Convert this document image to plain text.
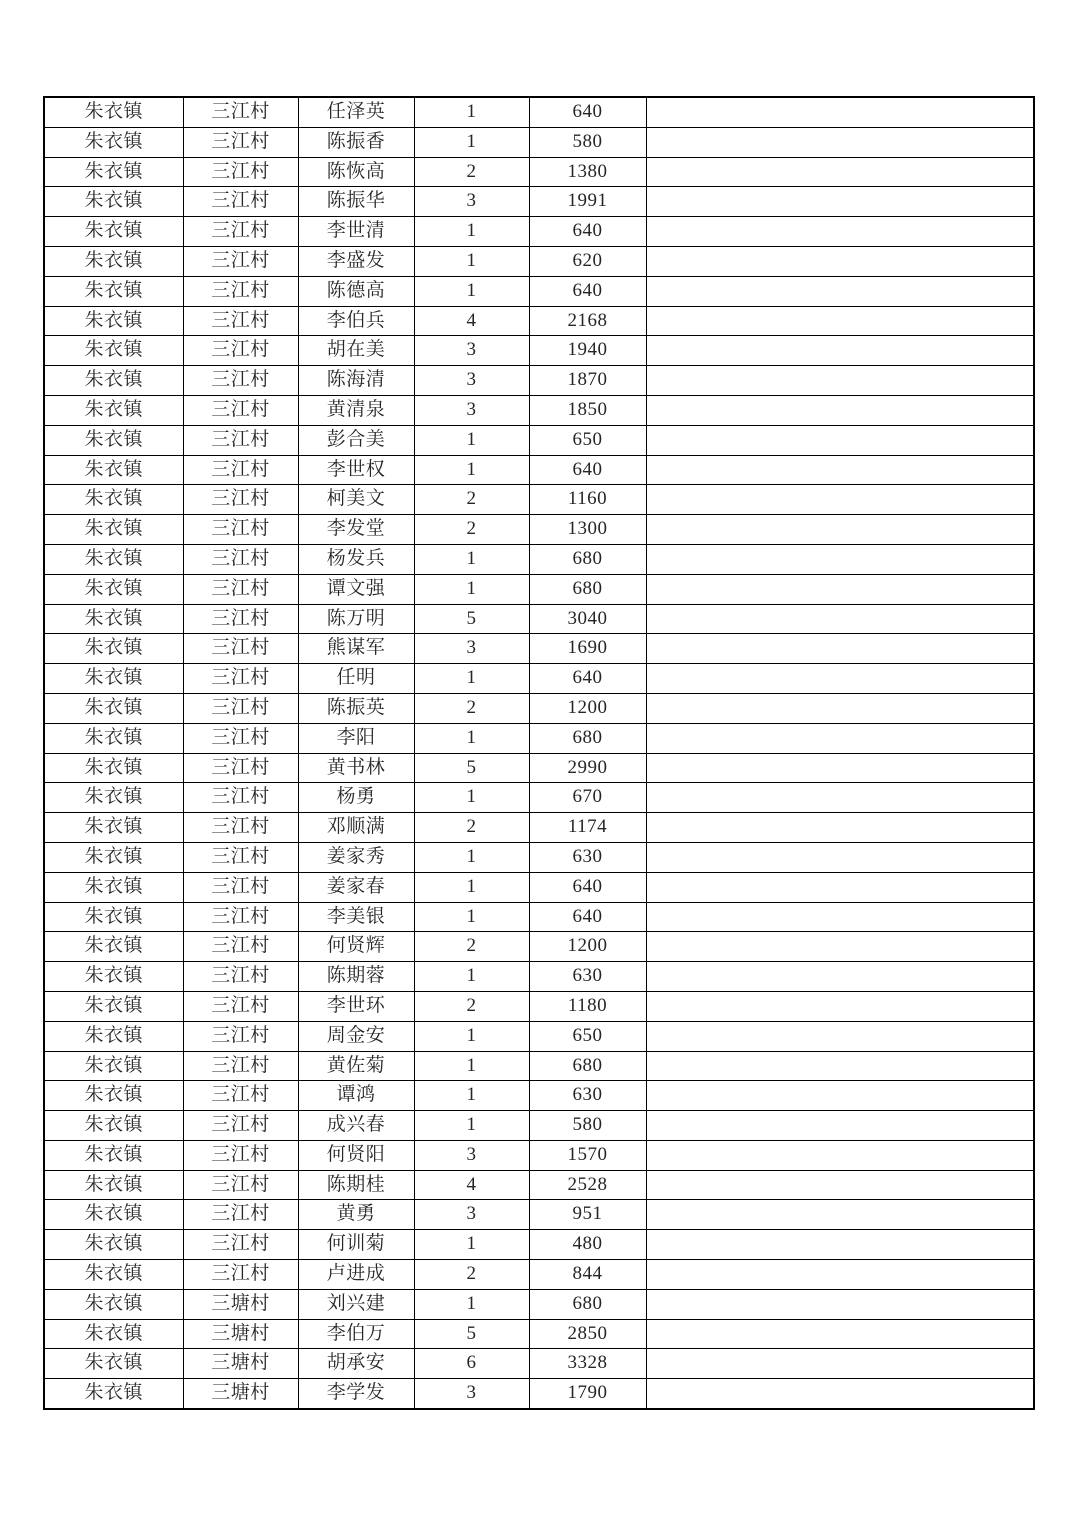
朱衣镇	三江村	任泽英	1	640	
朱衣镇	三江村	陈振香	1	580	
朱衣镇	三江村	陈恢高	2	1380	
朱衣镇	三江村	陈振华	3	1991	
朱衣镇	三江村	李世清	1	640	
朱衣镇	三江村	李盛发	1	620	
朱衣镇	三江村	陈德高	1	640	
朱衣镇	三江村	李伯兵	4	2168	
朱衣镇	三江村	胡在美	3	1940	
朱衣镇	三江村	陈海清	3	1870	
朱衣镇	三江村	黄清泉	3	1850	
朱衣镇	三江村	彭合美	1	650	
朱衣镇	三江村	李世权	1	640	
朱衣镇	三江村	柯美文	2	1160	
朱衣镇	三江村	李发堂	2	1300	
朱衣镇	三江村	杨发兵	1	680	
朱衣镇	三江村	谭文强	1	680	
朱衣镇	三江村	陈万明	5	3040	
朱衣镇	三江村	熊谋军	3	1690	
朱衣镇	三江村	任明	1	640	
朱衣镇	三江村	陈振英	2	1200	
朱衣镇	三江村	李阳	1	680	
朱衣镇	三江村	黄书林	5	2990	
朱衣镇	三江村	杨勇	1	670	
朱衣镇	三江村	邓顺满	2	1174	
朱衣镇	三江村	姜家秀	1	630	
朱衣镇	三江村	姜家春	1	640	
朱衣镇	三江村	李美银	1	640	
朱衣镇	三江村	何贤辉	2	1200	
朱衣镇	三江村	陈期蓉	1	630	
朱衣镇	三江村	李世环	2	1180	
朱衣镇	三江村	周金安	1	650	
朱衣镇	三江村	黄佐菊	1	680	
朱衣镇	三江村	谭鸿	1	630	
朱衣镇	三江村	成兴春	1	580	
朱衣镇	三江村	何贤阳	3	1570	
朱衣镇	三江村	陈期桂	4	2528	
朱衣镇	三江村	黄勇	3	951	
朱衣镇	三江村	何训菊	1	480	
朱衣镇	三江村	卢进成	2	844	
朱衣镇	三塘村	刘兴建	1	680	
朱衣镇	三塘村	李伯万	5	2850	
朱衣镇	三塘村	胡承安	6	3328	
朱衣镇	三塘村	李学发	3	1790	
